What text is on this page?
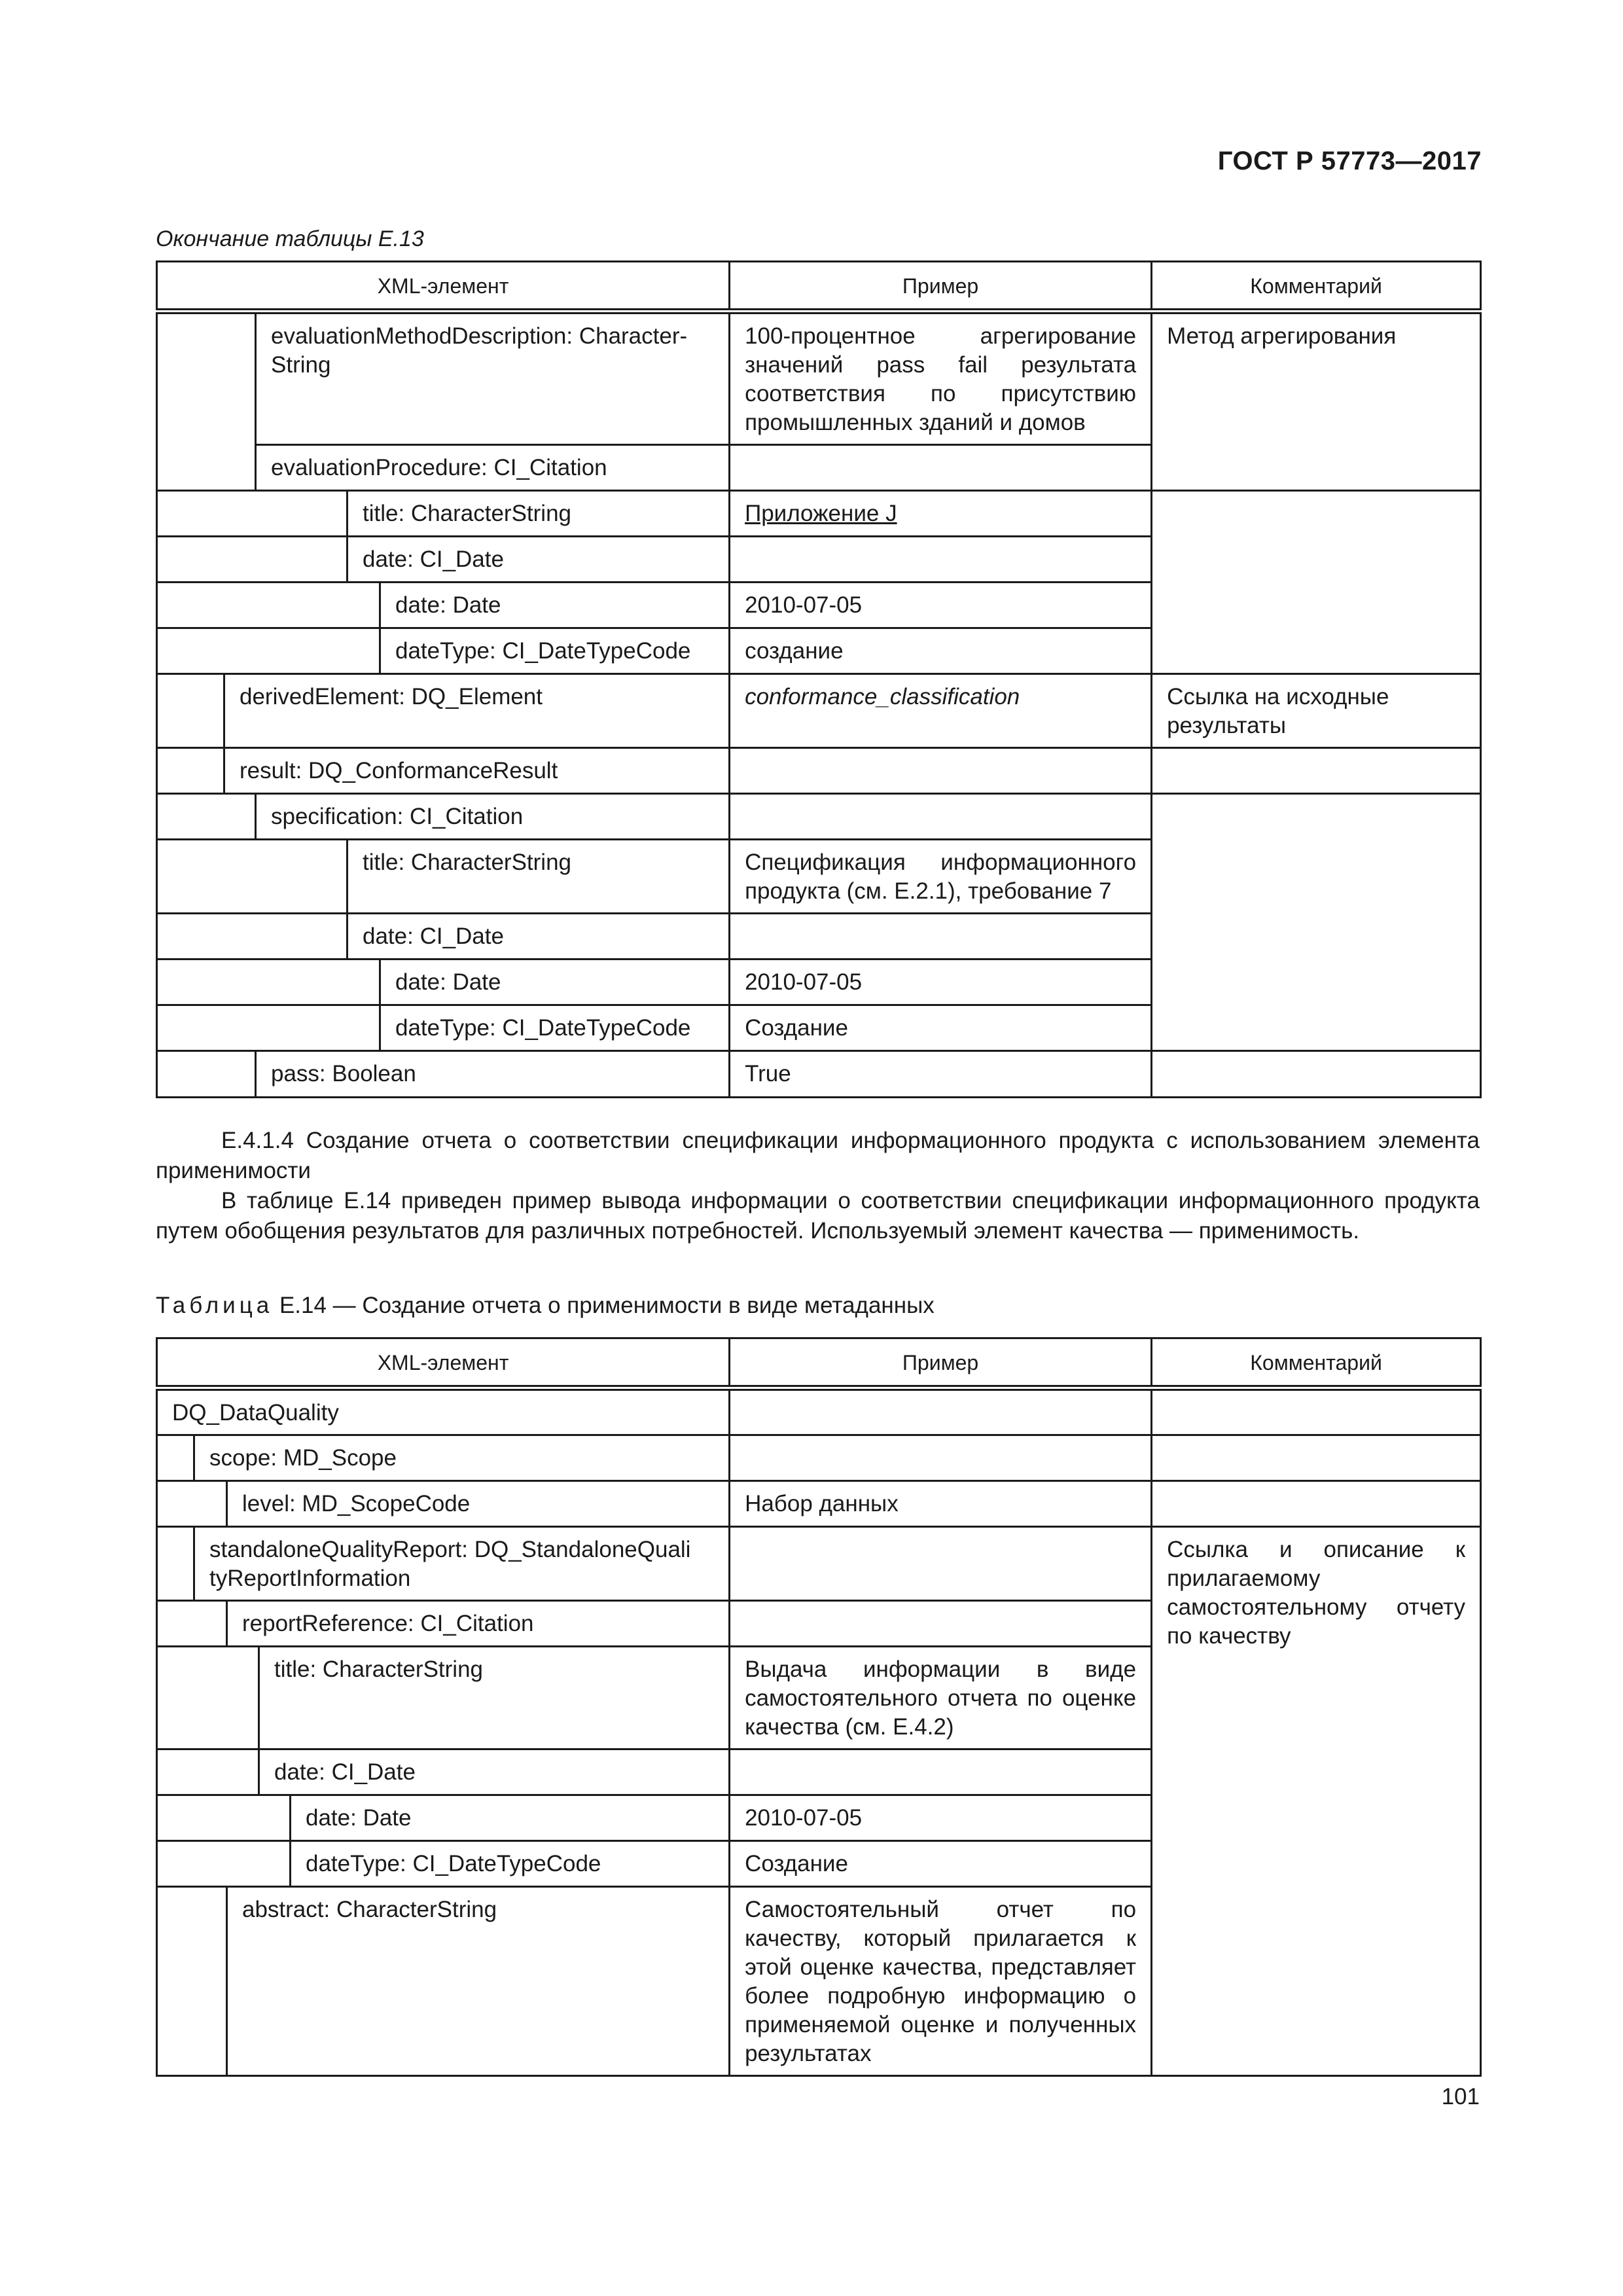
ГОСТ Р 57773—2017
Окончание таблицы Е.13
XML-элемент					Пример	Комментарий
		evaluationMethodDescription: Character-String			100-процентное агрегирование значений pass fail результата соответствия по присутствию промышленных зданий и домов	Метод агрегирования
		evaluationProcedure: CI_Citation				
			title: CharacterString		Приложение J	
			date: CI_Date			
				date: Date	2010-07-05	
				dateType: CI_DateTypeCode	создание	
	derivedElement: DQ_Element				conformance_classification	Ссылка на исходные результаты
	result: DQ_ConformanceResult					
		specification: CI_Citation				
			title: CharacterString		Спецификация информационного продукта (см. Е.2.1), требование 7	
			date: CI_Date			
				date: Date	2010-07-05	
				dateType: CI_DateTypeCode	Создание	
		pass: Boolean			True	

Е.4.1.4 Создание отчета о соответствии спецификации информационного продукта с использованием элемента применимости

В таблице Е.14 приведен пример вывода информации о соответствии спецификации информационного продукта путем обобщения результатов для различных потребностей. Используемый элемент качества — применимость.

Таблица Е.14 — Создание отчета о применимости в виде метаданных
XML-элемент					Пример	Комментарий
DQ_DataQuality						
	scope: MD_Scope					
		level: MD_ScopeCode			Набор данных	
	standaloneQualityReport: DQ_StandaloneQuali tyReportInformation					Ссылка и описание к прилагаемому самостоятельному отчету по качеству
		reportReference: CI_Citation				
			title: CharacterString		Выдача информации в виде самостоятельного отчета по оценке качества (см. Е.4.2)	
			date: CI_Date			
				date: Date	2010-07-05	
				dateType: CI_DateTypeCode	Создание	
		abstract: CharacterString			Самостоятельный отчет по качеству, который прилагается к этой оценке качества, представляет более подробную информацию о применяемой оценке и полученных результатах	
101
